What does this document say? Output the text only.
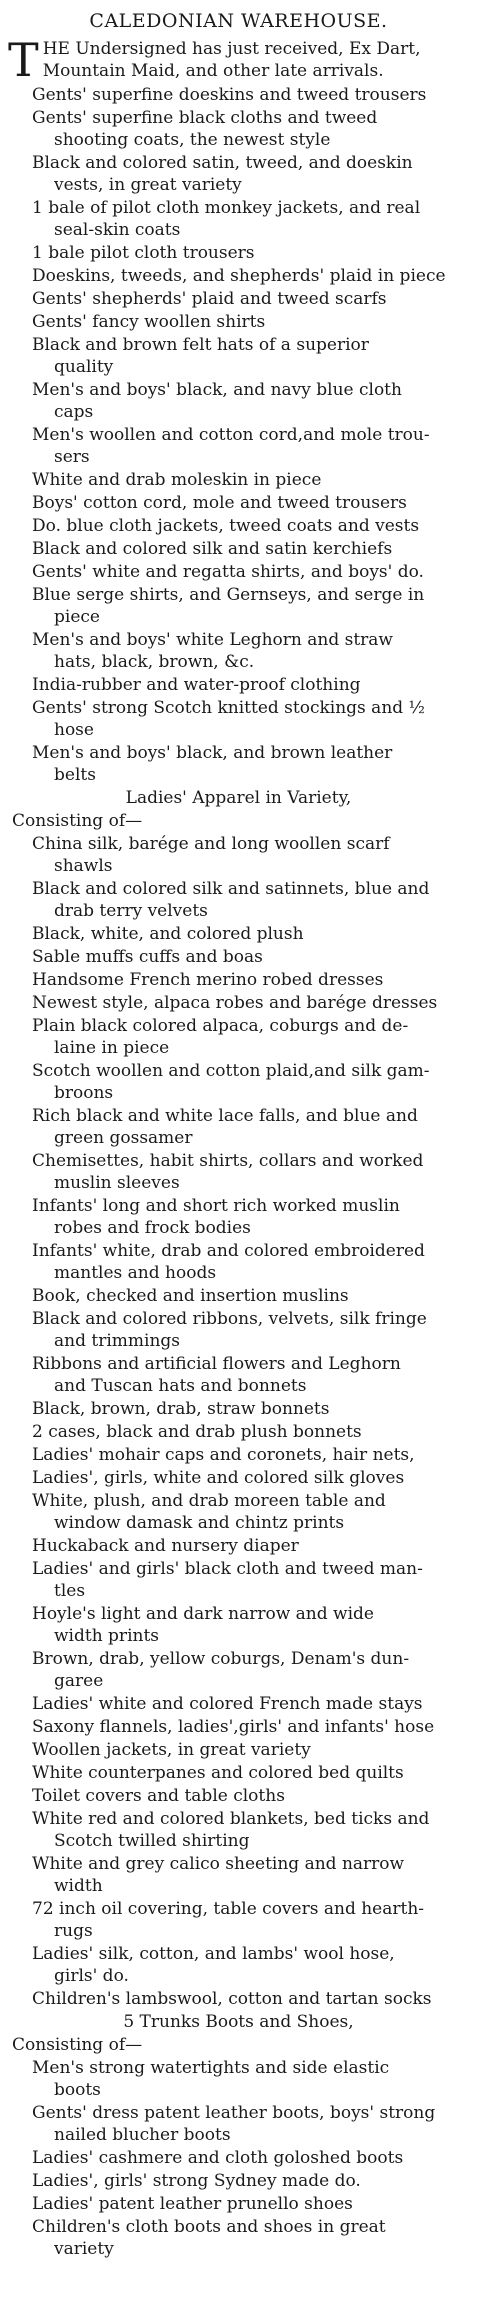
CALEDONIAN WAREHOUSE.
T HE Undersigned has just received, Ex Dart, Mountain Maid, and other late arrivals.
Gents' superfine doeskins and tweed trousers
Gents' superfine black cloths and tweed
shooting coats, the newest style
Black and colored satin, tweed, and doeskin
vests, in great variety
1 bale of pilot cloth monkey jackets, and real
seal-skin coats
1 bale pilot cloth trousers
Doeskins, tweeds, and shepherds' plaid in piece
Gents' shepherds' plaid and tweed scarfs
Gents' fancy woollen shirts
Black and brown felt hats of a superior
quality
Men's and boys' black, and navy blue cloth
caps
Men's woollen and cotton cord,and mole trou-
sers
White and drab moleskin in piece
Boys' cotton cord, mole and tweed trousers
Do. blue cloth jackets, tweed coats and vests
Black and colored silk and satin kerchiefs
Gents' white and regatta shirts, and boys' do.
Blue serge shirts, and Gernseys, and serge in
piece
Men's and boys' white Leghorn and straw
hats, black, brown, &c.
India-rubber and water-proof clothing
Gents' strong Scotch knitted stockings and ½
hose
Men's and boys' black, and brown leather
belts
Ladies' Apparel in Variety,
Consisting of—
China silk, barége and long woollen scarf
shawls
Black and colored silk and satinnets, blue and
drab terry velvets
Black, white, and colored plush
Sable muffs cuffs and boas
Handsome French merino robed dresses
Newest style, alpaca robes and barége dresses
Plain black colored alpaca, coburgs and de-
laine in piece
Scotch woollen and cotton plaid,and silk gam-
broons
Rich black and white lace falls, and blue and
green gossamer
Chemisettes, habit shirts, collars and worked
muslin sleeves
Infants' long and short rich worked muslin
robes and frock bodies
Infants' white, drab and colored embroidered
mantles and hoods
Book, checked and insertion muslins
Black and colored ribbons, velvets, silk fringe
and trimmings
Ribbons and artificial flowers and Leghorn
and Tuscan hats and bonnets
Black, brown, drab, straw bonnets
2 cases, black and drab plush bonnets
Ladies' mohair caps and coronets, hair nets,
Ladies', girls, white and colored silk gloves
White, plush, and drab moreen table and
window damask and chintz prints
Huckaback and nursery diaper
Ladies' and girls' black cloth and tweed man-
tles
Hoyle's light and dark narrow and wide
width prints
Brown, drab, yellow coburgs, Denam's dun-
garee
Ladies' white and colored French made stays
Saxony flannels, ladies',girls' and infants' hose
Woollen jackets, in great variety
White counterpanes and colored bed quilts
Toilet covers and table cloths
White red and colored blankets, bed ticks and
Scotch twilled shirting
White and grey calico sheeting and narrow
width
72 inch oil covering, table covers and hearth-
rugs
Ladies' silk, cotton, and lambs' wool hose,
girls' do.
Children's lambswool, cotton and tartan socks
5 Trunks Boots and Shoes,
Consisting of—
Men's strong watertights and side elastic
boots
Gents' dress patent leather boots, boys' strong
nailed blucher boots
Ladies' cashmere and cloth goloshed boots
Ladies', girls' strong Sydney made do.
Ladies' patent leather prunello shoes
Children's cloth boots and shoes in great
variety
